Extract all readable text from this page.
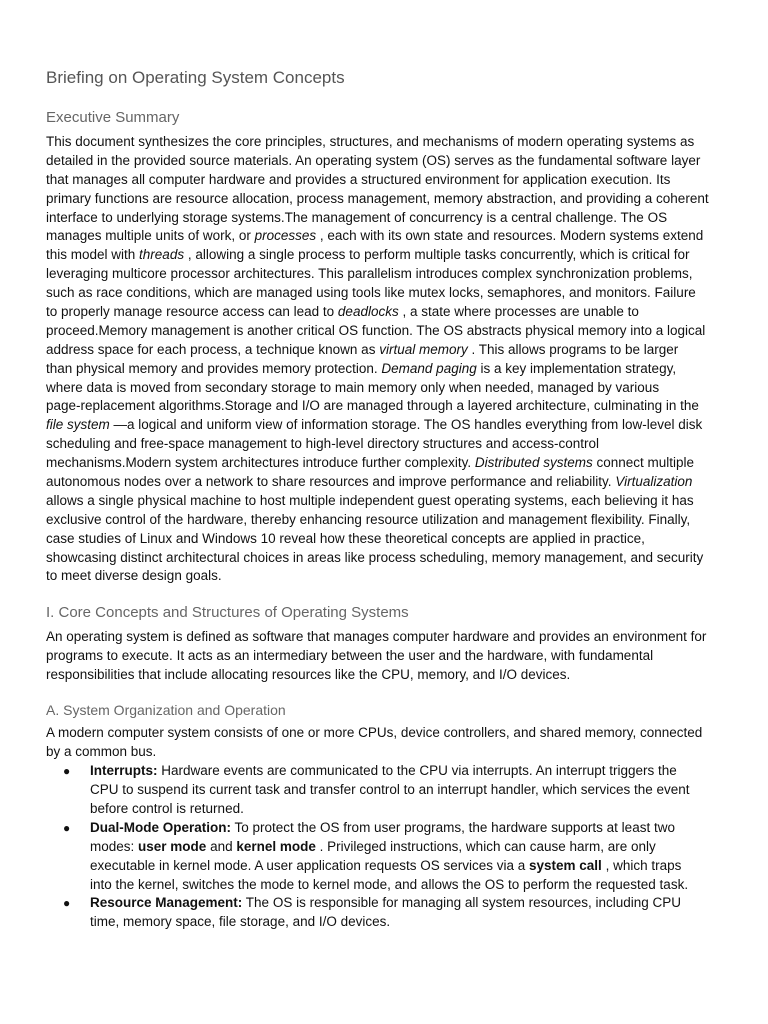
Briefing on Operating System Concepts
Executive Summary
This document synthesizes the core principles, structures, and mechanisms of modern operating systems as
detailed in the provided source materials. An operating system (OS) serves as the fundamental software layer
that manages all computer hardware and provides a structured environment for application execution. Its
primary functions are resource allocation, process management, memory abstraction, and providing a coherent
interface to underlying storage systems.The management of concurrency is a central challenge. The OS
manages multiple units of work, or processes , each with its own state and resources. Modern systems extend
this model with threads , allowing a single process to perform multiple tasks concurrently, which is critical for
leveraging multicore processor architectures. This parallelism introduces complex synchronization problems,
such as race conditions, which are managed using tools like mutex locks, semaphores, and monitors. Failure
to properly manage resource access can lead to deadlocks , a state where processes are unable to
proceed.Memory management is another critical OS function. The OS abstracts physical memory into a logical
address space for each process, a technique known as virtual memory . This allows programs to be larger
than physical memory and provides memory protection. Demand paging is a key implementation strategy,
where data is moved from secondary storage to main memory only when needed, managed by various
page-replacement algorithms.Storage and I/O are managed through a layered architecture, culminating in the
file system —a logical and uniform view of information storage. The OS handles everything from low-level disk
scheduling and free-space management to high-level directory structures and access-control
mechanisms.Modern system architectures introduce further complexity. Distributed systems connect multiple
autonomous nodes over a network to share resources and improve performance and reliability. Virtualization
allows a single physical machine to host multiple independent guest operating systems, each believing it has
exclusive control of the hardware, thereby enhancing resource utilization and management flexibility. Finally,
case studies of Linux and Windows 10 reveal how these theoretical concepts are applied in practice,
showcasing distinct architectural choices in areas like process scheduling, memory management, and security
to meet diverse design goals.
I. Core Concepts and Structures of Operating Systems
An operating system is defined as software that manages computer hardware and provides an environment for
programs to execute. It acts as an intermediary between the user and the hardware, with fundamental
responsibilities that include allocating resources like the CPU, memory, and I/O devices.
A. System Organization and Operation
A modern computer system consists of one or more CPUs, device controllers, and shared memory, connected
by a common bus.
● Interrupts: Hardware events are communicated to the CPU via interrupts. An interrupt triggers the
CPU to suspend its current task and transfer control to an interrupt handler, which services the event
before control is returned.
● Dual-Mode Operation: To protect the OS from user programs, the hardware supports at least two
modes: user mode and kernel mode . Privileged instructions, which can cause harm, are only
executable in kernel mode. A user application requests OS services via a system call , which traps
into the kernel, switches the mode to kernel mode, and allows the OS to perform the requested task.
● Resource Management: The OS is responsible for managing all system resources, including CPU
time, memory space, file storage, and I/O devices.
